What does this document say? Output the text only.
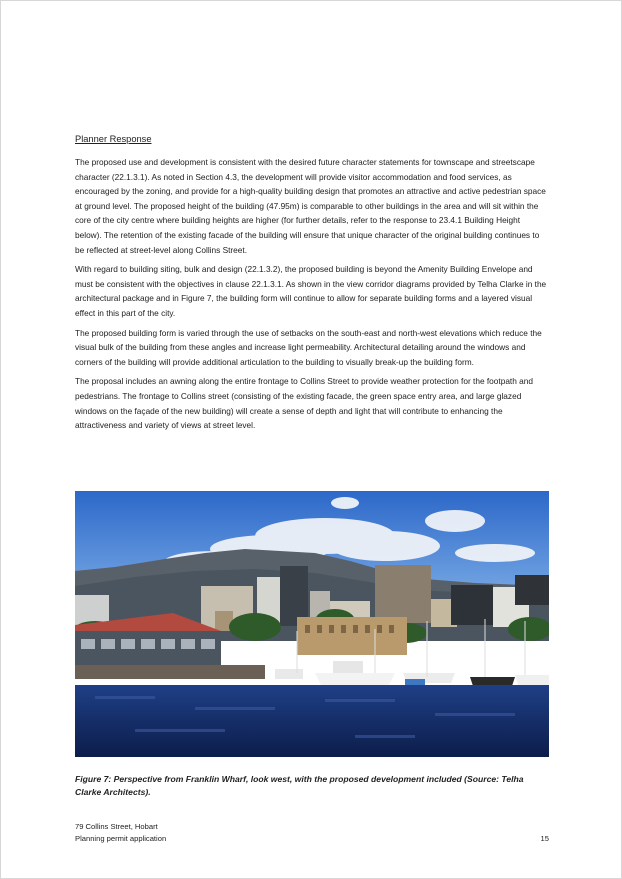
Planner Response

The proposed use and development is consistent with the desired future character statements for townscape and streetscape character (22.1.3.1). As noted in Section 4.3, the development will provide visitor accommodation and food services, as encouraged by the zoning, and provide for a high-quality building design that promotes an attractive and active pedestrian space at ground level. The proposed height of the building (47.95m) is comparable to other buildings in the area and will sit within the core of the city centre where building heights are higher (for further details, refer to the response to 23.4.1 Building Height below). The retention of the existing facade of the building will ensure that unique character of the original building continues to be reflected at street-level along Collins Street.

With regard to building siting, bulk and design (22.1.3.2), the proposed building is beyond the Amenity Building Envelope and must be consistent with the objectives in clause 22.1.3.1. As shown in the view corridor diagrams provided by Telha Clarke in the architectural package and in Figure 7, the building form will continue to allow for separate building forms and a layered visual effect in this part of the city.

The proposed building form is varied through the use of setbacks on the south-east and north-west elevations which reduce the visual bulk of the building from these angles and increase light permeability. Architectural detailing around the windows and corners of the building will provide additional articulation to the building to visually break-up the building form.

The proposal includes an awning along the entire frontage to Collins Street to provide weather protection for the footpath and pedestrians. The frontage to Collins street (consisting of the existing facade, the green space entry area, and large glazed windows on the façade of the new building) will create a sense of depth and light that will contribute to enhancing the attractiveness and variety of views at street level.

Figure 7: Perspective from Franklin Wharf, look west, with the proposed development included (Source: Telha Clarke Architects).

79 Collins Street, Hobart
Planning permit application	15
